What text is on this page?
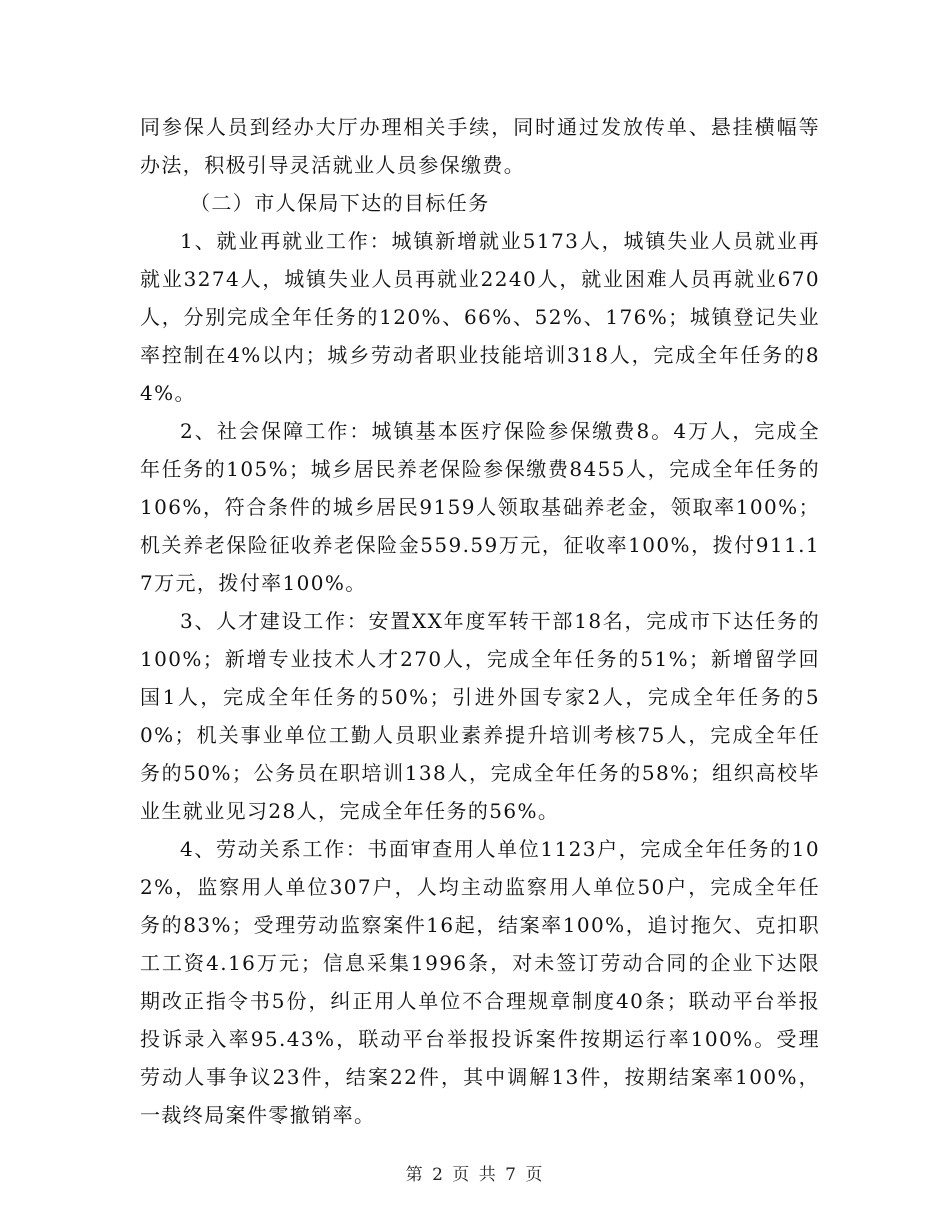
同参保人员到经办大厅办理相关手续，同时通过发放传单、悬挂横幅等办法，积极引导灵活就业人员参保缴费。

（二）市人保局下达的目标任务

1、就业再就业工作：城镇新增就业5173人，城镇失业人员就业再就业3274人，城镇失业人员再就业2240人，就业困难人员再就业670人，分别完成全年任务的120%、66%、52%、176%；城镇登记失业率控制在4%以内；城乡劳动者职业技能培训318人，完成全年任务的84%。

2、社会保障工作：城镇基本医疗保险参保缴费8。4万人，完成全年任务的105%；城乡居民养老保险参保缴费8455人，完成全年任务的106%，符合条件的城乡居民9159人领取基础养老金，领取率100%；机关养老保险征收养老保险金559.59万元，征收率100%，拨付911.17万元，拨付率100%。

3、人才建设工作：安置XX年度军转干部18名，完成市下达任务的100%；新增专业技术人才270人，完成全年任务的51%；新增留学回国1人，完成全年任务的50%；引进外国专家2人，完成全年任务的50%；机关事业单位工勤人员职业素养提升培训考核75人，完成全年任务的50%；公务员在职培训138人，完成全年任务的58%；组织高校毕业生就业见习28人，完成全年任务的56%。

4、劳动关系工作：书面审查用人单位1123户，完成全年任务的102%，监察用人单位307户，人均主动监察用人单位50户，完成全年任务的83%；受理劳动监察案件16起，结案率100%，追讨拖欠、克扣职工工资4.16万元；信息采集1996条，对未签订劳动合同的企业下达限期改正指令书5份，纠正用人单位不合理规章制度40条；联动平台举报投诉录入率95.43%，联动平台举报投诉案件按期运行率100%。受理劳动人事争议23件，结案22件，其中调解13件，按期结案率100%，一裁终局案件零撤销率。

第 2 页 共 7 页
